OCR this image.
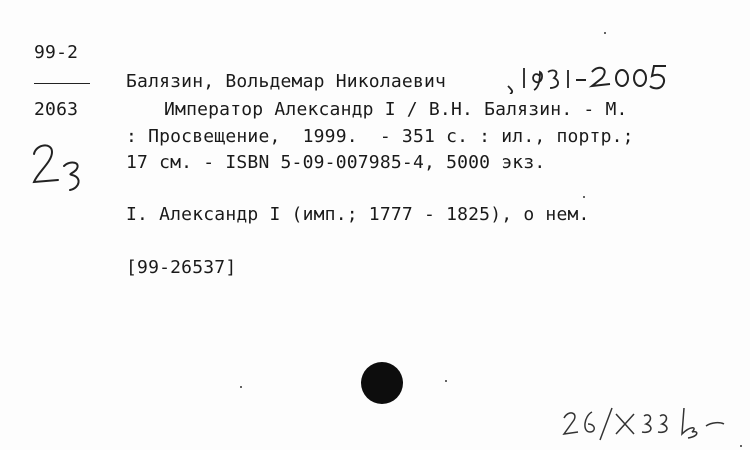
99-2
2063
Балязин, Вольдемар Николаевич
Император Александр I / В.Н. Балязин. - М.
: Просвещение,  1999.  - 351 с. : ил., портр.;
17 см. - ISBN 5-09-007985-4, 5000 экз.
I. Александр I (имп.; 1777 - 1825), о нем.
[99-26537]
